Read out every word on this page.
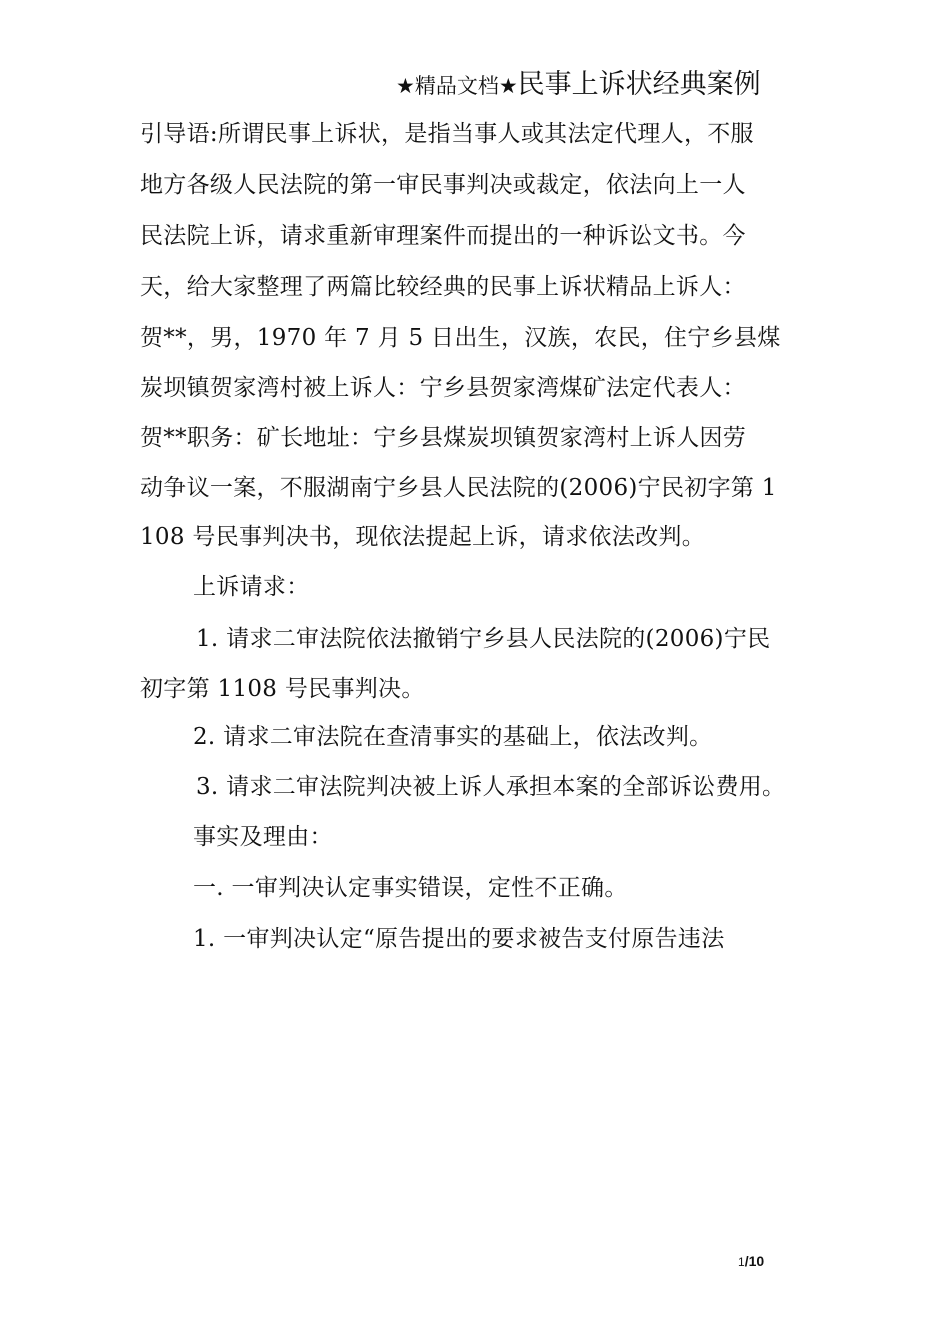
★精品文档★民事上诉状经典案例
引导语:所谓民事上诉状，是指当事人或其法定代理人，不服
地方各级人民法院的第一审民事判决或裁定，依法向上一人
民法院上诉，请求重新审理案件而提出的一种诉讼文书。今
天，给大家整理了两篇比较经典的民事上诉状精品上诉人：
贺**，男，1970 年 7 月 5 日出生，汉族，农民，住宁乡县煤
炭坝镇贺家湾村被上诉人：宁乡县贺家湾煤矿法定代表人：
贺**职务：矿长地址：宁乡县煤炭坝镇贺家湾村上诉人因劳
动争议一案，不服湖南宁乡县人民法院的(2006)宁民初字第 1
108 号民事判决书，现依法提起上诉，请求依法改判。
上诉请求：
1. 请求二审法院依法撤销宁乡县人民法院的(2006)宁民
初字第 1108 号民事判决。
2. 请求二审法院在查清事实的基础上，依法改判。
3. 请求二审法院判决被上诉人承担本案的全部诉讼费用。
事实及理由：
一. 一审判决认定事实错误，定性不正确。
1. 一审判决认定“原告提出的要求被告支付原告违法
1/10
